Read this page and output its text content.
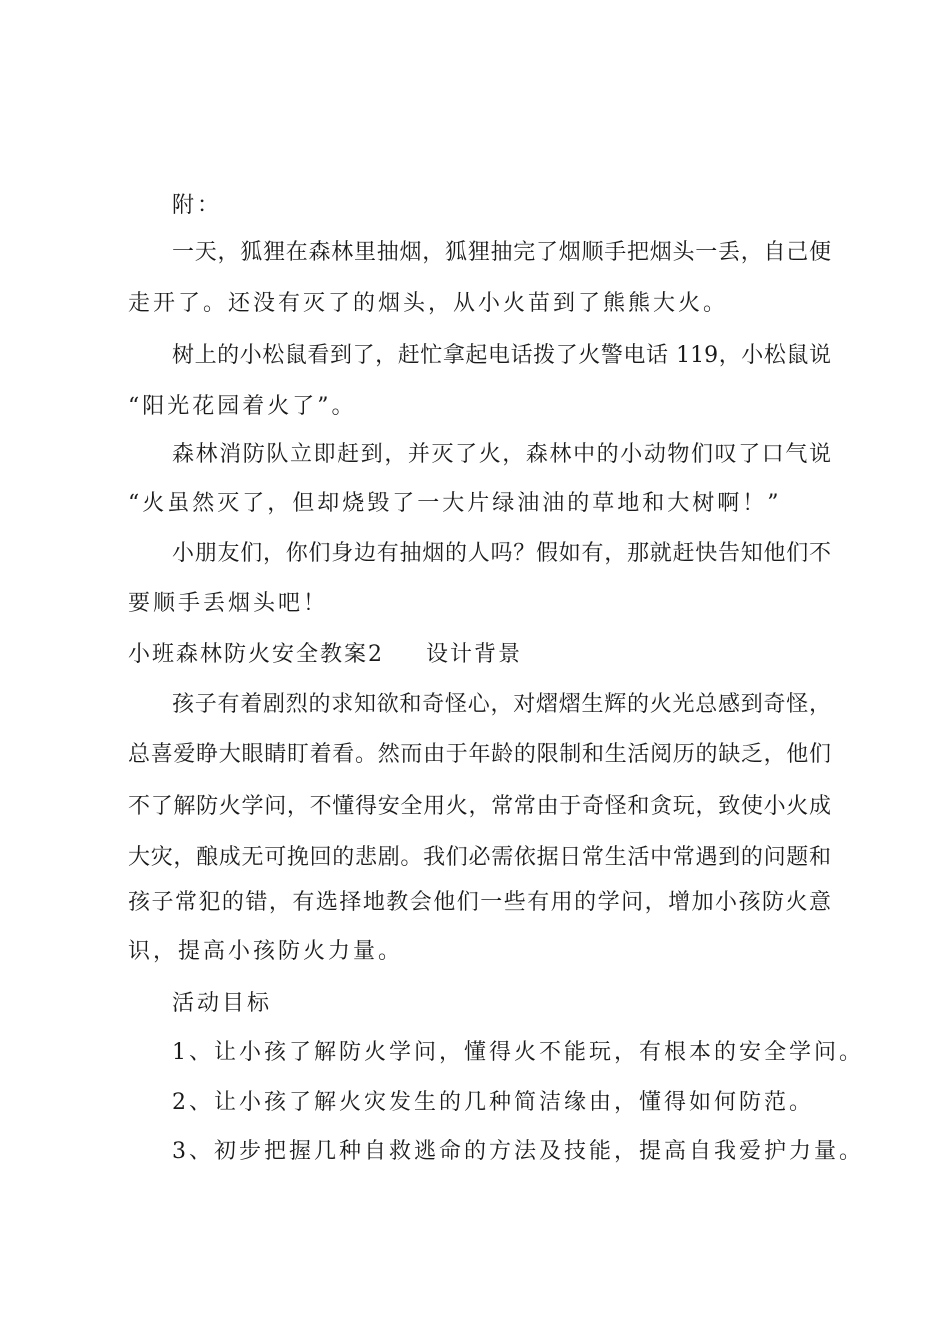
附：
一天，狐狸在森林里抽烟，狐狸抽完了烟顺手把烟头一丢，自己便
走开了。还没有灭了的烟头，从小火苗到了熊熊大火。
树上的小松鼠看到了，赶忙拿起电话拨了火警电话 119，小松鼠说
“阳光花园着火了”。
森林消防队立即赶到，并灭了火，森林中的小动物们叹了口气说
“火虽然灭了，但却烧毁了一大片绿油油的草地和大树啊！”
小朋友们，你们身边有抽烟的人吗？假如有，那就赶快告知他们不
要顺手丢烟头吧！
小班森林防火安全教案2 设计背景
孩子有着剧烈的求知欲和奇怪心，对熠熠生辉的火光总感到奇怪，
总喜爱睁大眼睛盯着看。然而由于年龄的限制和生活阅历的缺乏，他们
不了解防火学问，不懂得安全用火，常常由于奇怪和贪玩，致使小火成
大灾，酿成无可挽回的悲剧。我们必需依据日常生活中常遇到的问题和
孩子常犯的错，有选择地教会他们一些有用的学问，增加小孩防火意
识，提高小孩防火力量。
活动目标
1、让小孩了解防火学问，懂得火不能玩，有根本的安全学问。
2、让小孩了解火灾发生的几种简洁缘由，懂得如何防范。
3、初步把握几种自救逃命的方法及技能，提高自我爱护力量。
